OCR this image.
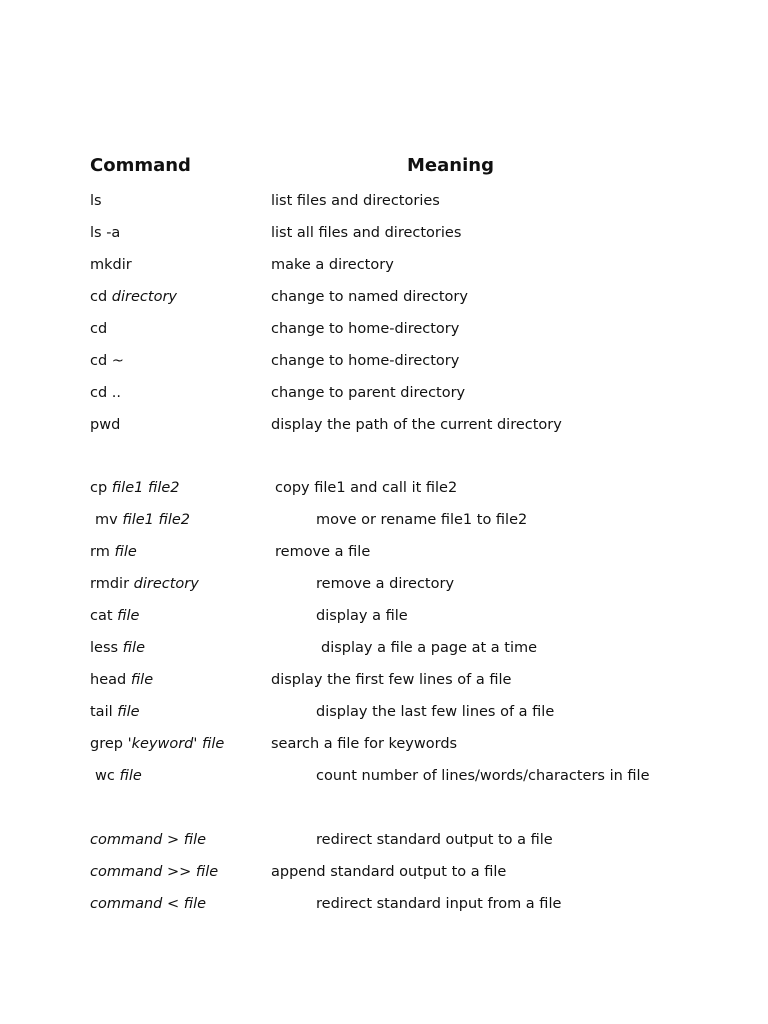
Command	Meaning
ls	list files and directories
ls -a	list all files and directories
mkdir	make a directory
cd directory	change to named directory
cd	change to home-directory
cd ~	change to home-directory
cd ..	change to parent directory
pwd	display the path of the current directory
cp file1 file2	copy file1 and call it file2
mv file1 file2	move or rename file1 to file2
rm file	remove a file
rmdir directory	remove a directory
cat file	display a file
less file	display a file a page at a time
head file	display the first few lines of a file
tail file	display the last few lines of a file
grep 'keyword' file	search a file for keywords
wc file	count number of lines/words/characters in file
command > file	redirect standard output to a file
command >> file	append standard output to a file
command < file	redirect standard input from a file
